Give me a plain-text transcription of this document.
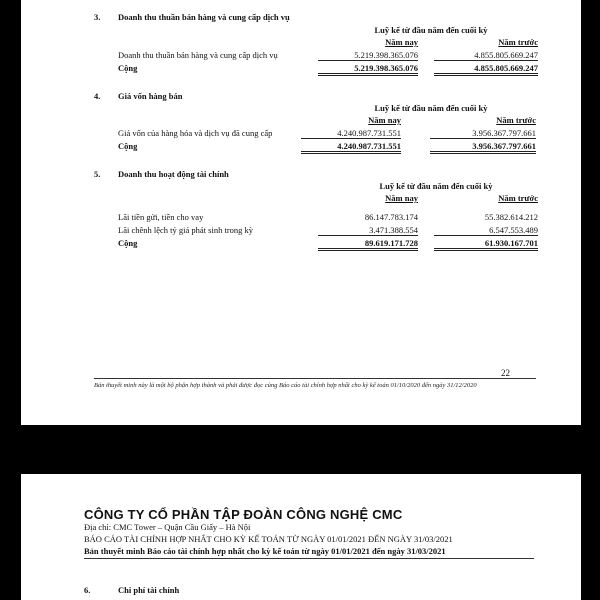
3. Doanh thu thuần bán hàng và cung cấp dịch vụ
Luỹ kế từ đầu năm đến cuối kỳ
Năm nay	Năm trước
Doanh thu thuần bán hàng và cung cấp dịch vụ	5.219.398.365.076	4.855.805.669.247
Cộng	5.219.398.365.076	4.855.805.669.247
4. Giá vốn hàng bán
Luỹ kế từ đầu năm đến cuối kỳ
Năm nay	Năm trước
Giá vốn của hàng hóa và dịch vụ đã cung cấp	4.240.987.731.551	3.956.367.797.661
Cộng	4.240.987.731.551	3.956.367.797.661
5. Doanh thu hoạt động tài chính
Luỹ kế từ đầu năm đến cuối kỳ
Năm nay	Năm trước
Lãi tiền gửi, tiền cho vay	86.147.783.174	55.382.614.212
Lãi chênh lệch tỷ giá phát sinh trong kỳ	3.471.388.554	6.547.553.489
Cộng	89.619.171.728	61.930.167.701
22
Bản thuyết minh này là một bộ phận hợp thành và phải được đọc cùng Báo cáo tài chính hợp nhất cho kỳ kế toán 01/10/2020 đến ngày 31/12/2020
CÔNG TY CỔ PHẦN TẬP ĐOÀN CÔNG NGHỆ CMC
Địa chỉ: CMC Tower – Quận Cầu Giấy – Hà Nội
BÁO CÁO TÀI CHÍNH HỢP NHẤT CHO KỲ KẾ TOÁN TỪ NGÀY 01/01/2021 ĐẾN NGÀY 31/03/2021
Bản thuyết minh Báo cáo tài chính hợp nhất cho kỳ kế toán từ ngày 01/01/2021 đến ngày 31/03/2021
6.	Chi phí tài chính
